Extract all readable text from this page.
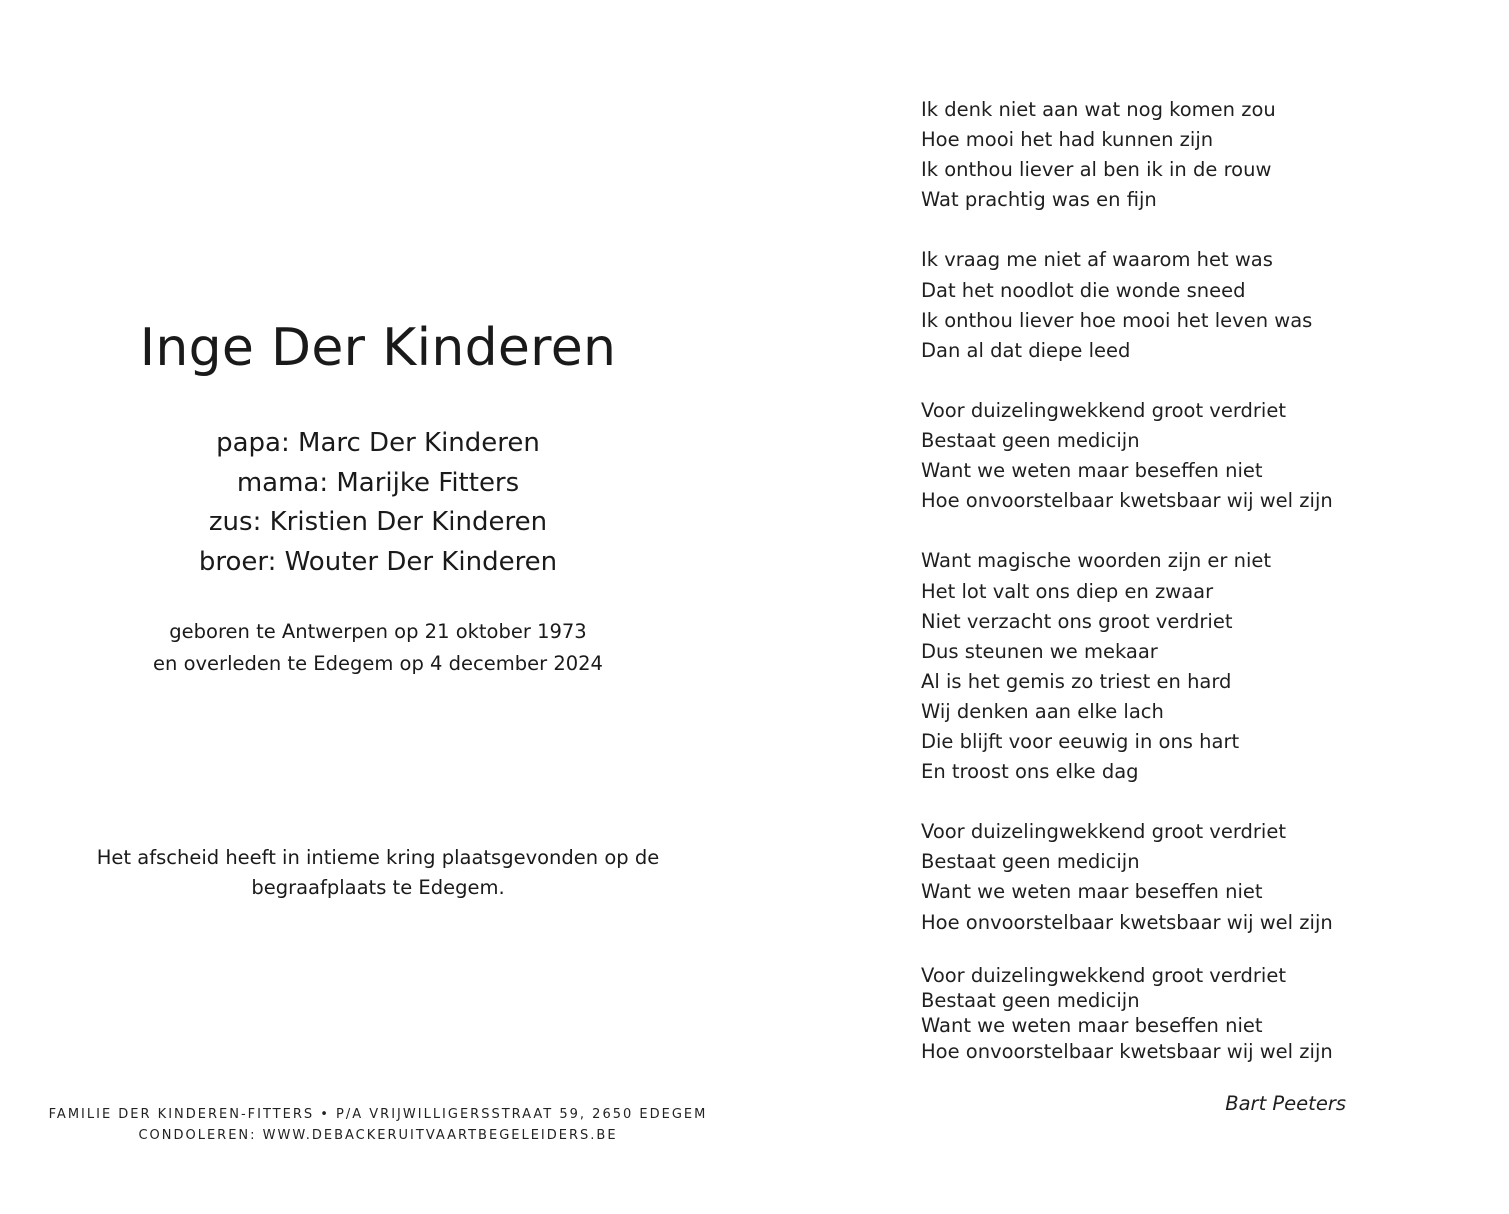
Inge Der Kinderen
papa: Marc Der Kinderen
mama: Marijke Fitters
zus: Kristien Der Kinderen
broer: Wouter Der Kinderen
geboren te Antwerpen op 21 oktober 1973
en overleden te Edegem op 4 december 2024
Het afscheid heeft in intieme kring plaatsgevonden op de
begraafplaats te Edegem.
FAMILIE DER KINDEREN-FITTERS • P/A VRIJWILLIGERSSTRAAT 59, 2650 EDEGEM
CONDOLEREN: WWW.DEBACKERUITVAARTBEGELEIDERS.BE
Ik denk niet aan wat nog komen zou
Hoe mooi het had kunnen zijn
Ik onthou liever al ben ik in de rouw
Wat prachtig was en fijn
Ik vraag me niet af waarom het was
Dat het noodlot die wonde sneed
Ik onthou liever hoe mooi het leven was
Dan al dat diepe leed
Voor duizelingwekkend groot verdriet
Bestaat geen medicijn
Want we weten maar beseffen niet
Hoe onvoorstelbaar kwetsbaar wij wel zijn
Want magische woorden zijn er niet
Het lot valt ons diep en zwaar
Niet verzacht ons groot verdriet
Dus steunen we mekaar
Al is het gemis zo triest en hard
Wij denken aan elke lach
Die blijft voor eeuwig in ons hart
En troost ons elke dag
Voor duizelingwekkend groot verdriet
Bestaat geen medicijn
Want we weten maar beseffen niet
Hoe onvoorstelbaar kwetsbaar wij wel zijn
Voor duizelingwekkend groot verdriet
Bestaat geen medicijn
Want we weten maar beseffen niet
Hoe onvoorstelbaar kwetsbaar wij wel zijn
Bart Peeters
